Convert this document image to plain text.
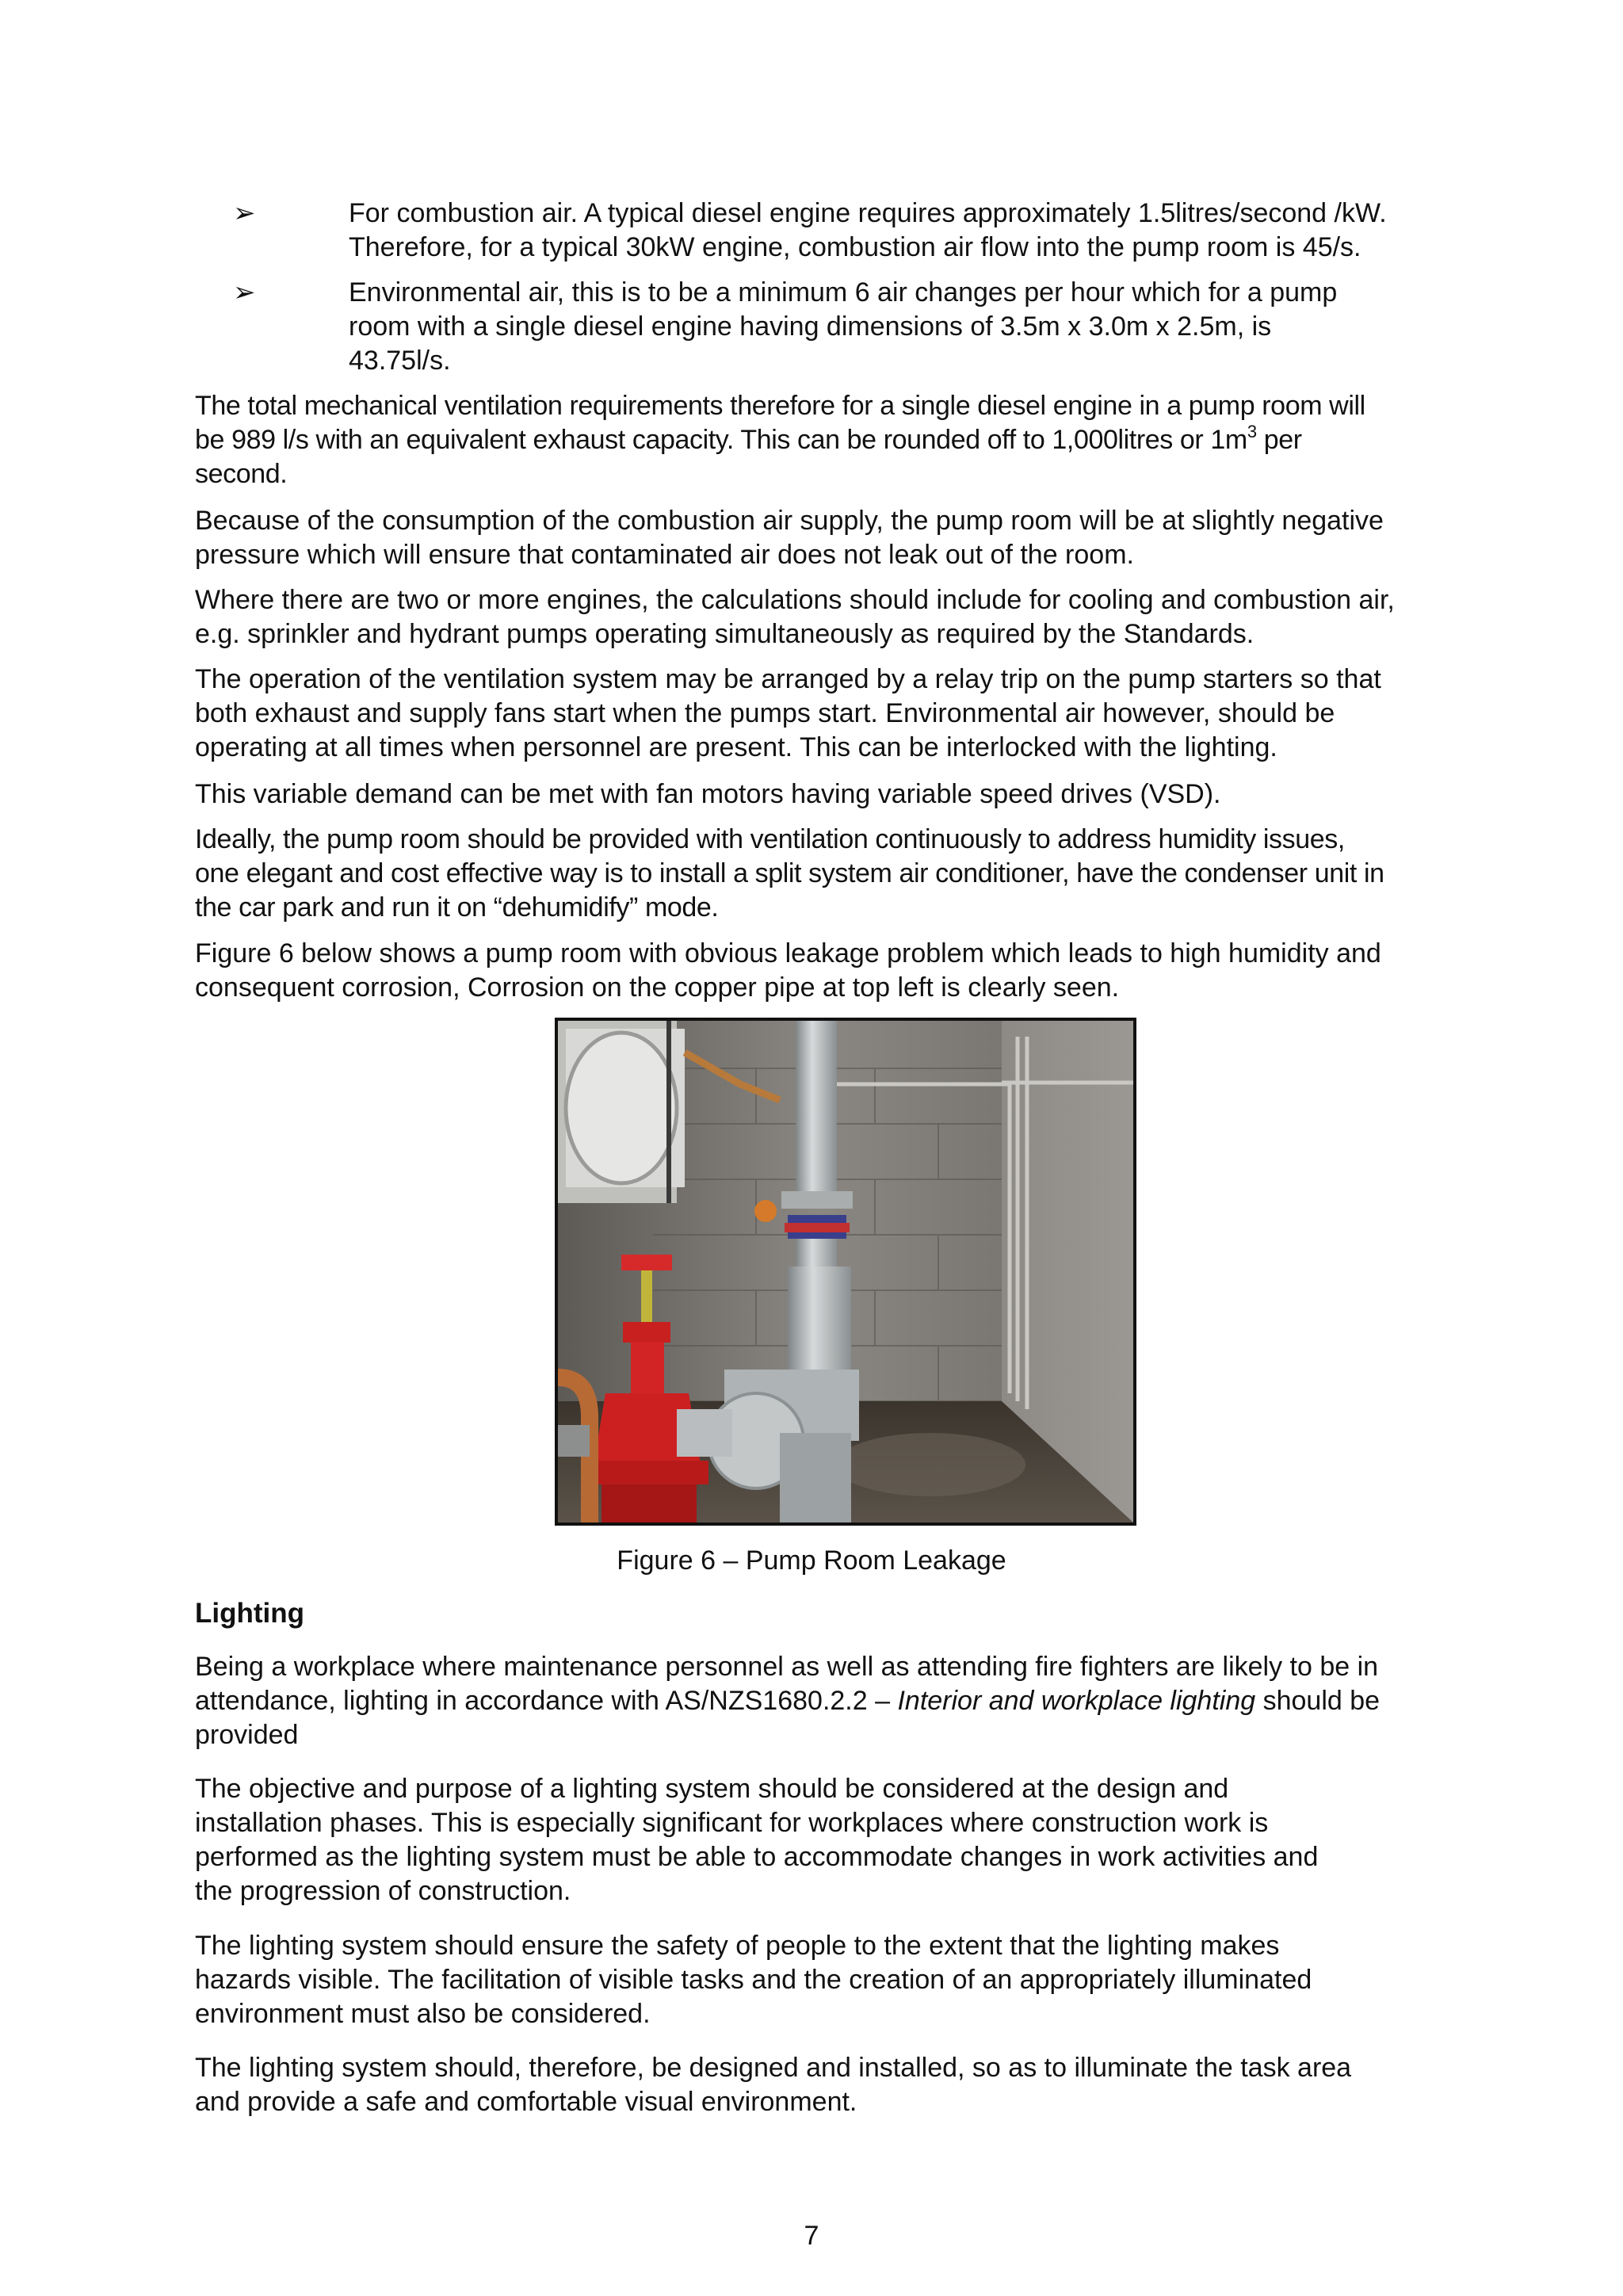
➢	For combustion air. A typical diesel engine requires approximately 1.5litres/second /kW.
Therefore, for a typical 30kW engine, combustion air flow into the pump room is 45/s.
➢	Environmental air, this is to be a minimum 6 air changes per hour which for a pump
room with a single diesel engine having dimensions of 3.5m x 3.0m x 2.5m, is
43.75l/s.
The total mechanical ventilation requirements therefore for a single diesel engine in a pump room will
be 989 l/s with an equivalent exhaust capacity. This can be rounded off to 1,000litres or $1m^3$ per
second.
Because of the consumption of the combustion air supply, the pump room will be at slightly negative
pressure which will ensure that contaminated air does not leak out of the room.
Where there are two or more engines, the calculations should include for cooling and combustion air,
e.g. sprinkler and hydrant pumps operating simultaneously as required by the Standards.
The operation of the ventilation system may be arranged by a relay trip on the pump starters so that
both exhaust and supply fans start when the pumps start. Environmental air however, should be
operating at all times when personnel are present. This can be interlocked with the lighting.
This variable demand can be met with fan motors having variable speed drives (VSD).
Ideally, the pump room should be provided with ventilation continuously to address humidity issues,
one elegant and cost effective way is to install a split system air conditioner, have the condenser unit in
the car park and run it on “dehumidify” mode.
Figure 6 below shows a pump room with obvious leakage problem which leads to high humidity and
consequent corrosion, Corrosion on the copper pipe at top left is clearly seen.
Figure 6 – Pump Room Leakage
Lighting
Being a workplace where maintenance personnel as well as attending fire fighters are likely to be in
attendance, lighting in accordance with AS/NZS1680.2.2 – Interior and workplace lighting should be
provided
The objective and purpose of a lighting system should be considered at the design and
installation phases. This is especially significant for workplaces where construction work is
performed as the lighting system must be able to accommodate changes in work activities and
the progression of construction.
The lighting system should ensure the safety of people to the extent that the lighting makes
hazards visible. The facilitation of visible tasks and the creation of an appropriately illuminated
environment must also be considered.
The lighting system should, therefore, be designed and installed, so as to illuminate the task area
and provide a safe and comfortable visual environment.
7
